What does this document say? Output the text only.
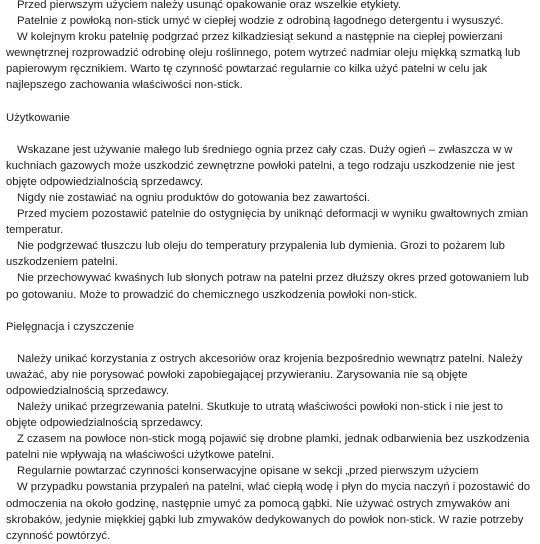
Przed pierwszym użyciem należy usunąć opakowanie oraz wszelkie etykiety.

Patelnie z powłoką non-stick umyć w ciepłej wodzie z odrobiną łagodnego detergentu i wysuszyć.

W kolejnym kroku patelnię podgrzać przez kilkadziesiąt sekund a następnie na ciepłej powierzani wewnętrznej rozprowadzić odrobinę oleju roślinnego, potem wytrzeć nadmiar oleju miękką szmatką lub papierowym ręcznikiem. Warto tę czynność powtarzać regularnie co kilka użyć patelni w celu jak najlepszego zachowania właściwości non-stick.

Użytkowanie

Wskazane jest używanie małego lub średniego ognia przez cały czas. Duży ogień – zwłaszcza w w kuchniach gazowych może uszkodzić zewnętrzne powłoki patelni, a tego rodzaju uszkodzenie nie jest objęte odpowiedzialnością sprzedawcy.

Nigdy nie zostawiać na ogniu produktów do gotowania bez zawartości.

Przed myciem pozostawić patelnie do ostygnięcia by uniknąć deformacji w wyniku gwałtownych zmian temperatur.

Nie podgrzewać tłuszczu lub oleju do temperatury przypalenia lub dymienia. Grozi to pożarem lub uszkodzeniem patelni.

Nie przechowywać kwaśnych lub słonych potraw na patelni przez dłuższy okres przed gotowaniem lub po gotowaniu. Może to prowadzić do chemicznego uszkodzenia powłoki non-stick.

Pielęgnacja i czyszczenie

Należy unikać korzystania z ostrych akcesoriów oraz krojenia bezpośrednio wewnątrz patelni. Należy uważać, aby nie porysować powłoki zapobiegającej przywieraniu. Zarysowania nie są objęte odpowiedzialnością sprzedawcy.

Należy unikać przegrzewania patelni. Skutkuje to utratą właściwości powłoki non-stick i nie jest to objęte odpowiedzialnością sprzedawcy.

Z czasem na powłoce non-stick mogą pojawić się drobne plamki, jednak odbarwienia bez uszkodzenia patelni nie wpływają na właściwości użytkowe patelni.

Regularnie powtarzać czynności konserwacyjne opisane w sekcji „przed pierwszym użyciem

W przypadku powstania przypaleń na patelni, wlać ciepłą wodę i płyn do mycia naczyń i pozostawić do odmoczenia na około godzinę, następnie umyć za pomocą gąbki. Nie używać ostrych zmywaków ani skrobaków, jedynie miękkiej gąbki lub zmywaków dedykowanych do powłok non-stick. W razie potrzeby czynność powtórzyć.
